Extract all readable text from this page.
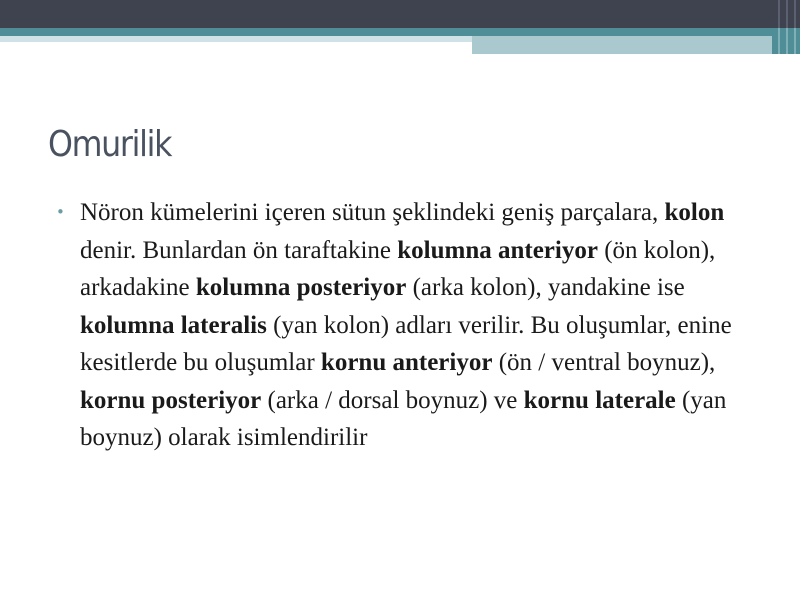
Omurilik
• Nöron kümelerini içeren sütun şeklindeki geniş parçalara, kolon denir. Bunlardan ön taraftakine kolumna anteriyor (ön kolon), arkadakine kolumna posteriyor (arka kolon), yandakine ise kolumna lateralis (yan kolon) adları verilir. Bu oluşumlar, enine kesitlerde bu oluşumlar kornu anteriyor (ön / ventral boynuz), kornu posteriyor (arka / dorsal boynuz) ve kornu laterale (yan boynuz) olarak isimlendirilir
